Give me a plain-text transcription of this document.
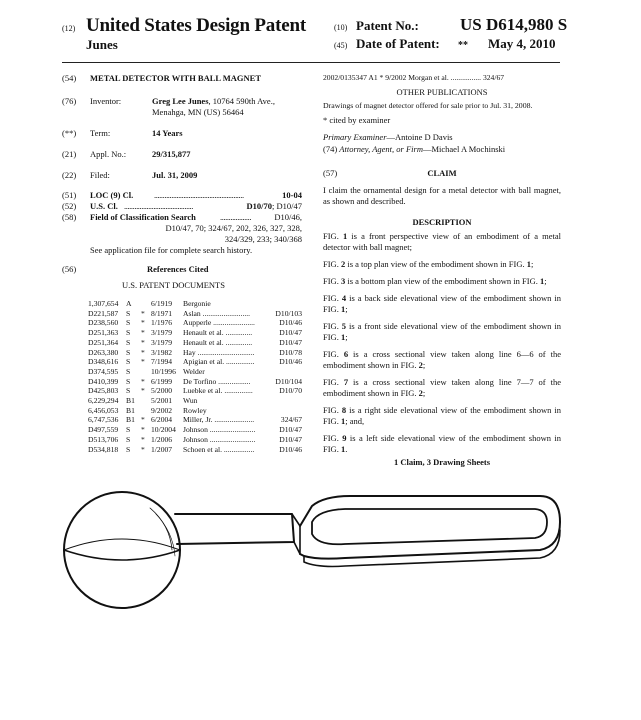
(12) United States Design Patent
Junes
(10) Patent No.: US D614,980 S
(45) Date of Patent: ** May 4, 2010
(54) METAL DETECTOR WITH BALL MAGNET
(76) Inventor:	Greg Lee Junes, 10764 590th Ave.,
Menahga, MN (US) 56464
(**) Term:	14 Years
(21) Appl. No.:	29/315,877
(22) Filed:	Jul. 31, 2009
(51) LOC (9) Cl. ....................................................	10-04
(52) U.S. Cl. ........................................	D10/70; D10/47
(58) Field of Classification Search	..................	D10/46,
D10/47, 70; 324/67, 202, 326, 327, 328,
324/329, 233; 340/368
See application file for complete search history.
(56)	References Cited
U.S. PATENT DOCUMENTS
1,307,654	A		6/1919	Bergonie	
D221,587	S	*	8/1971	Aslan .........................	D10/103
D238,560	S	*	1/1976	Aupperle ......................	D10/46
D251,363	S	*	3/1979	Henault et al. ..............	D10/47
D251,364	S	*	3/1979	Henault et al. ..............	D10/47
D263,380	S	*	3/1982	Hay ..............................	D10/78
D348,616	S	*	7/1994	Apigian et al. ...............	D10/46
D374,595	S		10/1996	Welder	
D410,399	S	*	6/1999	De Torfino .................	D10/104
D425,803	S	*	5/2000	Luebke et al. ...............	D10/70
6,229,294	B1		5/2001	Wun	
6,456,053	B1		9/2002	Rowley	
6,747,536	B1	*	6/2004	Miller, Jr. .....................	324/67
D497,559	S	*	10/2004	Johnson ........................	D10/47
D513,706	S	*	1/2006	Johnson ........................	D10/47
D534,818	S	*	1/2007	Schoen et al. ................	D10/46
2002/0135347 A1 * 9/2002 Morgan et al. ................ 324/67
OTHER PUBLICATIONS
Drawings of magnet detector offered for sale prior to Jul. 31, 2008.
* cited by examiner
Primary Examiner—Antoine D Davis
(74) Attorney, Agent, or Firm—Michael A Mochinski
(57)	CLAIM
I claim the ornamental design for a metal detector with ball magnet, as shown and described.
DESCRIPTION

FIG. 1 is a front perspective view of an embodiment of a metal detector with ball magnet;

FIG. 2 is a top plan view of the embodiment shown in FIG. 1;

FIG. 3 is a bottom plan view of the embodiment shown in FIG. 1;

FIG. 4 is a back side elevational view of the embodiment shown in FIG. 1;

FIG. 5 is a front side elevational view of the embodiment shown in FIG. 1;

FIG. 6 is a cross sectional view taken along line 6—6 of the embodiment shown in FIG. 2;

FIG. 7 is a cross sectional view taken along line 7—7 of the embodiment shown in FIG. 2;

FIG. 8 is a right side elevational view of the embodiment shown in FIG. 1; and,

FIG. 9 is a left side elevational view of the embodiment shown in FIG. 1.

1 Claim, 3 Drawing Sheets
